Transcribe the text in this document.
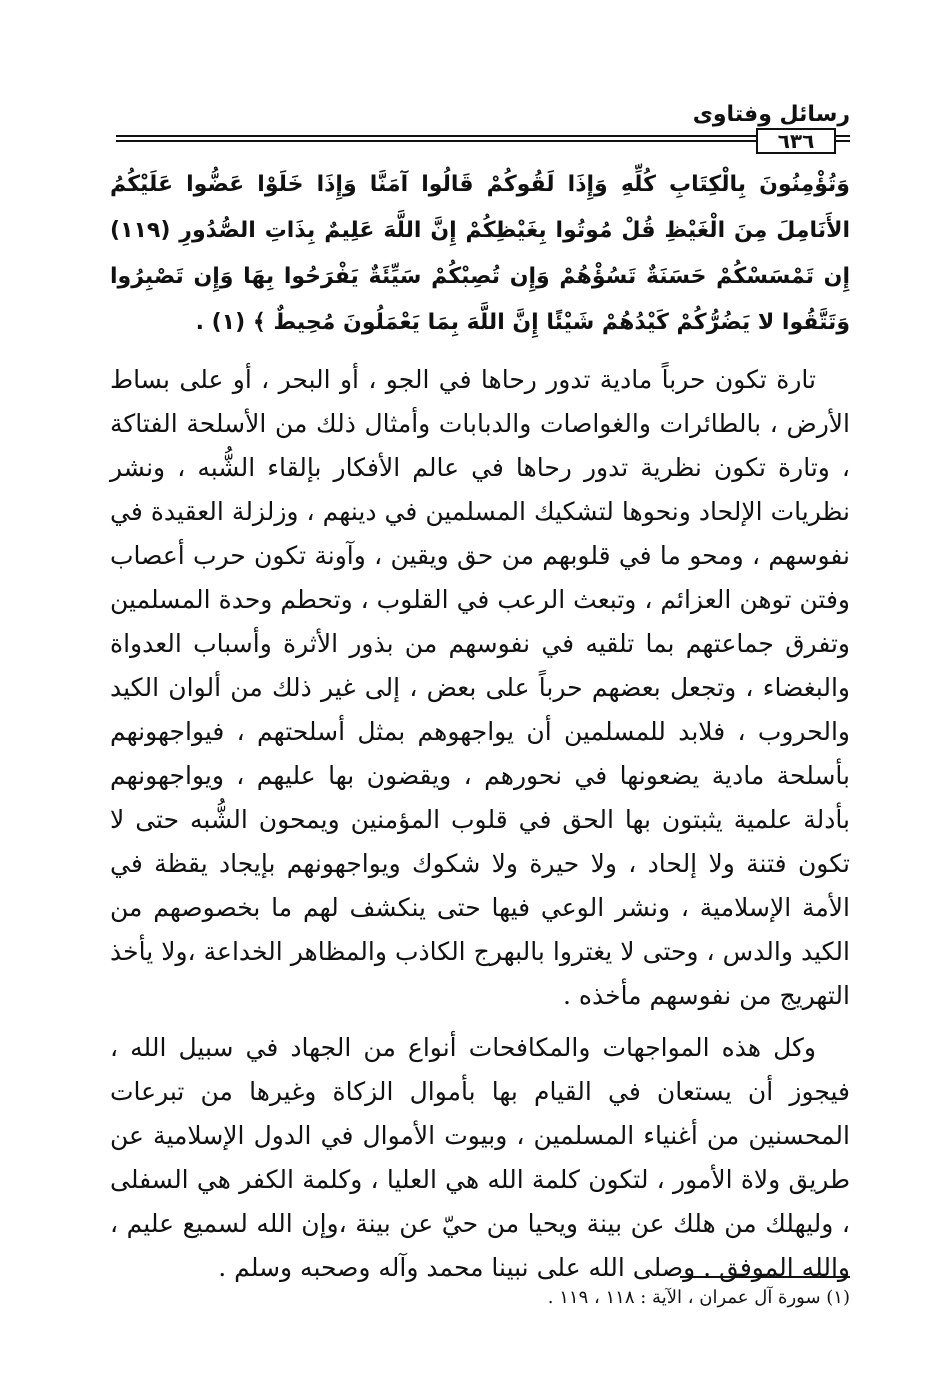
رسائل وفتاوى
٦٣٦

وَتُؤْمِنُونَ بِالْكِتَابِ كُلِّهِ وَإِذَا لَقُوكُمْ قَالُوا آمَنَّا وَإِذَا خَلَوْا عَضُّوا عَلَيْكُمُ الأَنَامِلَ مِنَ الْغَيْظِ قُلْ مُوتُوا بِغَيْظِكُمْ إِنَّ اللَّهَ عَلِيمٌ بِذَاتِ الصُّدُورِ (١١٩) إِن تَمْسَسْكُمْ حَسَنَةٌ تَسُؤْهُمْ وَإِن تُصِبْكُمْ سَيِّئَةٌ يَفْرَحُوا بِهَا وَإِن تَصْبِرُوا وَتَتَّقُوا لا يَضُرُّكُمْ كَيْدُهُمْ شَيْئًا إِنَّ اللَّهَ بِمَا يَعْمَلُونَ مُحِيطٌ ﴾ (١) .

تارة تكون حرباً مادية تدور رحاها في الجو ، أو البحر ، أو على بساط الأرض ، بالطائرات والغواصات والدبابات وأمثال ذلك من الأسلحة الفتاكة ، وتارة تكون نظرية تدور رحاها في عالم الأفكار بإلقاء الشُّبه ، ونشر نظريات الإلحاد ونحوها لتشكيك المسلمين في دينهم ، وزلزلة العقيدة في نفوسهم ، ومحو ما في قلوبهم من حق ويقين ، وآونة تكون حرب أعصاب وفتن توهن العزائم ، وتبعث الرعب في القلوب ، وتحطم وحدة المسلمين وتفرق جماعتهم بما تلقيه في نفوسهم من بذور الأثرة وأسباب العدواة والبغضاء ، وتجعل بعضهم حرباً على بعض ، إلى غير ذلك من ألوان الكيد والحروب ، فلابد للمسلمين أن يواجهوهم بمثل أسلحتهم ، فيواجهونهم بأسلحة مادية يضعونها في نحورهم ، ويقضون بها عليهم ، ويواجهونهم بأدلة علمية يثبتون بها الحق في قلوب المؤمنين ويمحون الشُّبه حتى لا تكون فتنة ولا إلحاد ، ولا حيرة ولا شكوك ويواجهونهم بإيجاد يقظة في الأمة الإسلامية ، ونشر الوعي فيها حتى ينكشف لهم ما بخصوصهم من الكيد والدس ، وحتى لا يغتروا بالبهرج الكاذب والمظاهر الخداعة ،ولا يأخذ التهريج من نفوسهم مأخذه .

وكل هذه المواجهات والمكافحات أنواع من الجهاد في سبيل الله ، فيجوز أن يستعان في القيام بها بأموال الزكاة وغيرها من تبرعات المحسنين من أغنياء المسلمين ، وبيوت الأموال في الدول الإسلامية عن طريق ولاة الأمور ، لتكون كلمة الله هي العليا ، وكلمة الكفر هي السفلى ، وليهلك من هلك عن بينة ويحيا من حيّ عن بينة ،وإن الله لسميع عليم ، والله الموفق . وصلى الله على نبينا محمد وآله وصحبه وسلم .

(١) سورة آل عمران ، الآية : ١١٨ ، ١١٩ .
